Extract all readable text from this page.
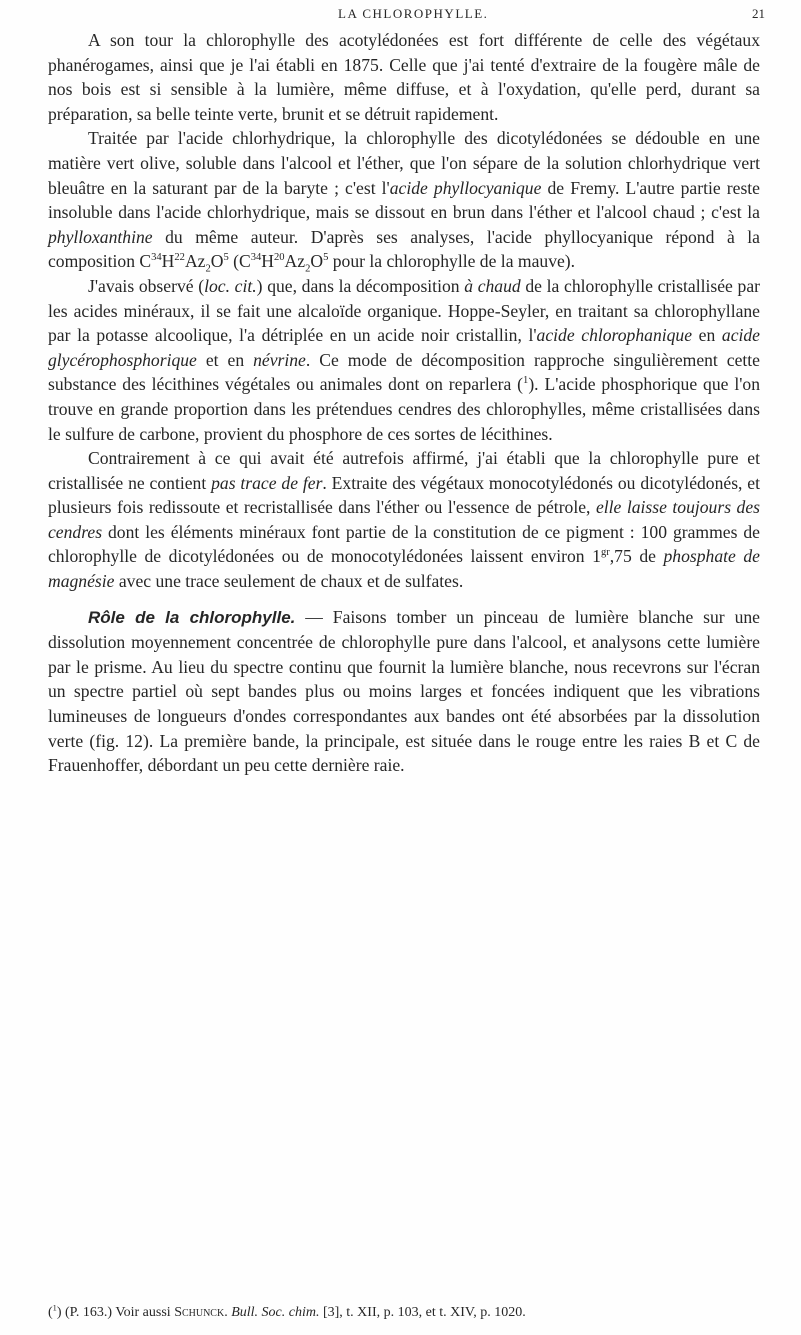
LA CHLOROPHYLLE.	21

A son tour la chlorophylle des acotylédonées est fort différente de celle des végétaux phanérogames, ainsi que je l'ai établi en 1875. Celle que j'ai tenté d'extraire de la fougère mâle de nos bois est si sensible à la lumière, même diffuse, et à l'oxydation, qu'elle perd, durant sa préparation, sa belle teinte verte, brunit et se détruit rapidement.

Traitée par l'acide chlorhydrique, la chlorophylle des dicotylédonées se dédouble en une matière vert olive, soluble dans l'alcool et l'éther, que l'on sépare de la solution chlorhydrique vert bleuâtre en la saturant par de la baryte ; c'est l'acide phyllocyanique de Fremy. L'autre partie reste insoluble dans l'acide chlorhydrique, mais se dissout en brun dans l'éther et l'alcool chaud ; c'est la phylloxanthine du même auteur. D'après ses analyses, l'acide phyllocyanique répond à la composition $C^{34}H^{22}Az_2O^5$ ($C^{34}H^{20}Az_2O^5$ pour la chlorophylle de la mauve).

J'avais observé (loc. cit.) que, dans la décomposition à chaud de la chlorophylle cristallisée par les acides minéraux, il se fait une alcaloïde organique. Hoppe-Seyler, en traitant sa chlorophyllane par la potasse alcoolique, l'a détriplée en un acide noir cristallin, l'acide chlorophanique en acide glycérophosphorique et en névrine. Ce mode de décomposition rapproche singulièrement cette substance des lécithines végétales ou animales dont on reparlera ($^1$). L'acide phosphorique que l'on trouve en grande proportion dans les prétendues cendres des chlorophylles, même cristallisées dans le sulfure de carbone, provient du phosphore de ces sortes de lécithines.

Contrairement à ce qui avait été autrefois affirmé, j'ai établi que la chlorophylle pure et cristallisée ne contient pas trace de fer. Extraite des végétaux monocotylédonés ou dicotylédonés, et plusieurs fois redissoute et recristallisée dans l'éther ou l'essence de pétrole, elle laisse toujours des cendres dont les éléments minéraux font partie de la constitution de ce pigment : 100 grammes de chlorophylle de dicotylédonées ou de monocotylédonées laissent environ $1^{gr},75$ de phosphate de magnésie avec une trace seulement de chaux et de sulfates.

Rôle de la chlorophylle. — Faisons tomber un pinceau de lumière blanche sur une dissolution moyennement concentrée de chlorophylle pure dans l'alcool, et analysons cette lumière par le prisme. Au lieu du spectre continu que fournit la lumière blanche, nous recevrons sur l'écran un spectre partiel où sept bandes plus ou moins larges et foncées indiquent que les vibrations lumineuses de longueurs d'ondes correspondantes aux bandes ont été absorbées par la dissolution verte (fig. 12). La première bande, la principale, est située dans le rouge entre les raies B et C de Frauenhoffer, débordant un peu cette dernière raie.

($^1$) (P. 163.) Voir aussi Schunck. Bull. Soc. chim. [3], t. XII, p. 103, et t. XIV, p. 1020.
